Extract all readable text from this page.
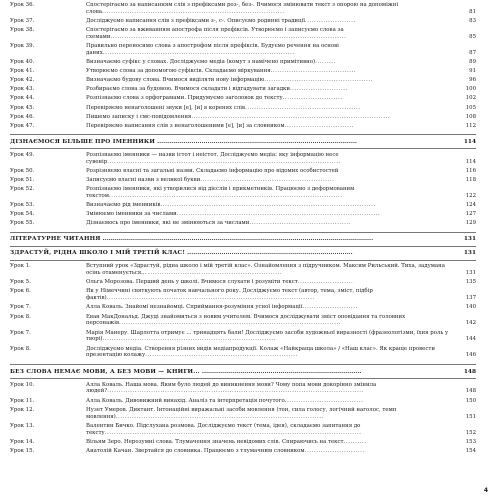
Урок 36.	Спостерігаємо за написанням слів з префіксами роз-, без-. Вчимося змінювати текст з опорою на допоміжні слова...............................................................................	81
Урок 37.	Досліджуємо написання слів з префіксами з-, с-. Описуємо родинні традиції......................	83
Урок 38.	Спостерігаємо за вживанням апострофа після префіксів. Утворюємо і записуємо слова за схемами......................................................................................................	85
Урок 39.	Правильно переносимо слова з апострофом після префіксів. Будуємо речення на основі даних...................................................................................	87
Урок 40.	Визначаємо суфікс у словах. Досліджуємо медіа (комут з намічено примітивно).........	89
Урок 41.	Утворюємо слова за допомогою суфіксів. Складаємо міркування.....................................	91
Урок 42.	Визначаємо будову слова. Вчимося виділяти нову інформацію...............................................	96
Урок 43.	Розбираємо слова за будовою. Вчимося складати і відгадувати загадки.........................	100
Урок 44.	Розпізнаємо слова з орфограмами. Придумуємо заголовок до тексту..........................	102
Урок 45.	Перевіряємо ненаголошені звуки [е], [и] в коренях слів..................................................	105
Урок 46.	Пишемо записку і смс-повідомлення......................................................................................	108
Урок 47.	Перевіряємо написання слів з ненаголошеними [е], [и] за словником..............................	112
ДІЗНАЄМОСЯ БІЛЬШЕ ПРО ІМЕННИКИ ...................................................................................................	114
Урок 49.	Розпізнаємо іменники — назви істот і неістот. Досліджуємо медіа: яку інформацію несе сувенір.....................................................................................................	114
Урок 50.	Розрізняємо власні та загальні назви. Складаємо інформацію про відомих особистостей	116
Урок 51.	Записуємо власні назви з великої букви..........................................................	118
Урок 52.	Розпізнаємо іменники, які утворилися від дієслів і прикметників. Працюємо з деформованим текстом.....................................................................................................	122
Урок 53.	Визначаємо рід іменників.............................................................................................	124
Урок 54.	Змінюємо іменники за числами........................................................................................	127
Урок 55.	Дізнаємось про іменники, які не змінюються за числами............................................	129
ЛІТЕРАТУРНЕ ЧИТАННЯ ......................................................................................................................................	131
ЗДРАСТУЙ, РІДНА ШКОЛО І МІЙ ТРЕТІЙ КЛАС! ..................................................................................	131
Урок 1.	Вступний урок «Здрастуй, рідна школо і мій третій клас». Ознайомлення з підручником. Максим Рильський. Тиха, задумана осінь отаменується... ..........................................................	131
Урок 5.	Ольга Морозова. Перший день у школі. Вчимося слухати і розуміти текст........................	135
Урок 6.	Як у Німеччині святкують початок навчального року. Досліджуємо текст (автор, тема, зміст, підбір фактів)..........................................................................................	137
Урок 7.	Алла Коваль. Знайомі незнайомці. Сприймання-розуміння усної інформації........................	140
Урок 8.	Еван МакДональд. Джуді знайомиться з новим учителем. Вчимося досліджувати зміст оповідання та головних персонажів................................................................................................	142
Урок 7.	Марія Манеру. Шарлотта отримує ... тринадцять бали! Досліджуємо засоби художньої виразності (фразеологізми, їхня роль у творі)...........................................................................	144
Урок 8.	Досліджуємо медіа. Створення різних видів медіапродукції. Колаж «Найкраща школа» / «Наш клас». Як краще провести презентацію колажу..................................................................	146
БЕЗ СЛОВА НЕМАЄ МОВИ, А БЕЗ МОВИ — КНИГИ... ...............................................................................	148
Урок 10.	Алла Коваль. Наша мова. Яким було людей до виникнення мови? Чому попа мови докорінно змінила людей?...............................................................................................................	148
Урок 11.	Алла Коваль. Дивовижний винахід. Аналіз та інтерпретація почутого..................................	150
Урок 12.	Нузет Умеров. Диктант. Інтонаційні виражальні засоби мовлення (тон, сила голосу, логічний наголос, темп мовлення)..........................................................................................	151
Урок 13.	Валентин Бичко. Підслухана розмова. Досліджуємо текст (тема, ідея), складаємо запитання до тексту...............................................................................................................	152
Урок 14.	Вільям Зеро. Нерозумні слова. Тлумачення значень невідомих слів. Спираючись на текст..........	153
Урок 15.	Анатолій Качан. Звертайся до словника. Працюємо з тлумачним словником..........................	154
4
